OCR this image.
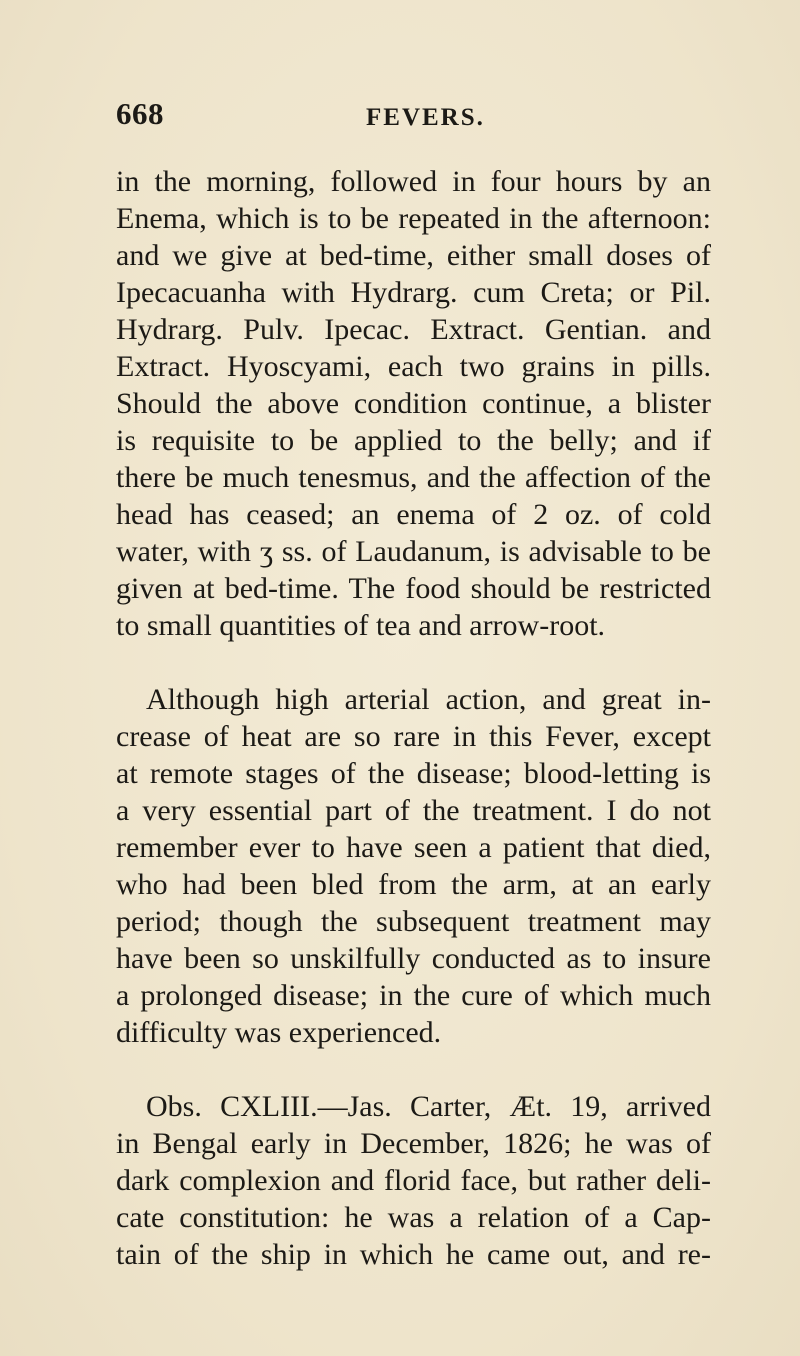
668	FEVERS.
in the morning, followed in four hours by an
Enema, which is to be repeated in the afternoon:
and we give at bed-time, either small doses of
Ipecacuanha with Hydrarg. cum Creta; or Pil.
Hydrarg. Pulv. Ipecac. Extract. Gentian. and
Extract. Hyoscyami, each two grains in pills.
Should the above condition continue, a blister
is requisite to be applied to the belly; and if
there be much tenesmus, and the affection of the
head has ceased; an enema of 2 oz. of cold
water, with ʒ ss. of Laudanum, is advisable to be
given at bed-time. The food should be restricted
to small quantities of tea and arrow-root.
Although high arterial action, and great in-
crease of heat are so rare in this Fever, except
at remote stages of the disease; blood-letting is
a very essential part of the treatment. I do not
remember ever to have seen a patient that died,
who had been bled from the arm, at an early
period; though the subsequent treatment may
have been so unskilfully conducted as to insure
a prolonged disease; in the cure of which much
difficulty was experienced.
Obs. CXLIII.—Jas. Carter, Æt. 19, arrived
in Bengal early in December, 1826; he was of
dark complexion and florid face, but rather deli-
cate constitution: he was a relation of a Cap-
tain of the ship in which he came out, and re-
